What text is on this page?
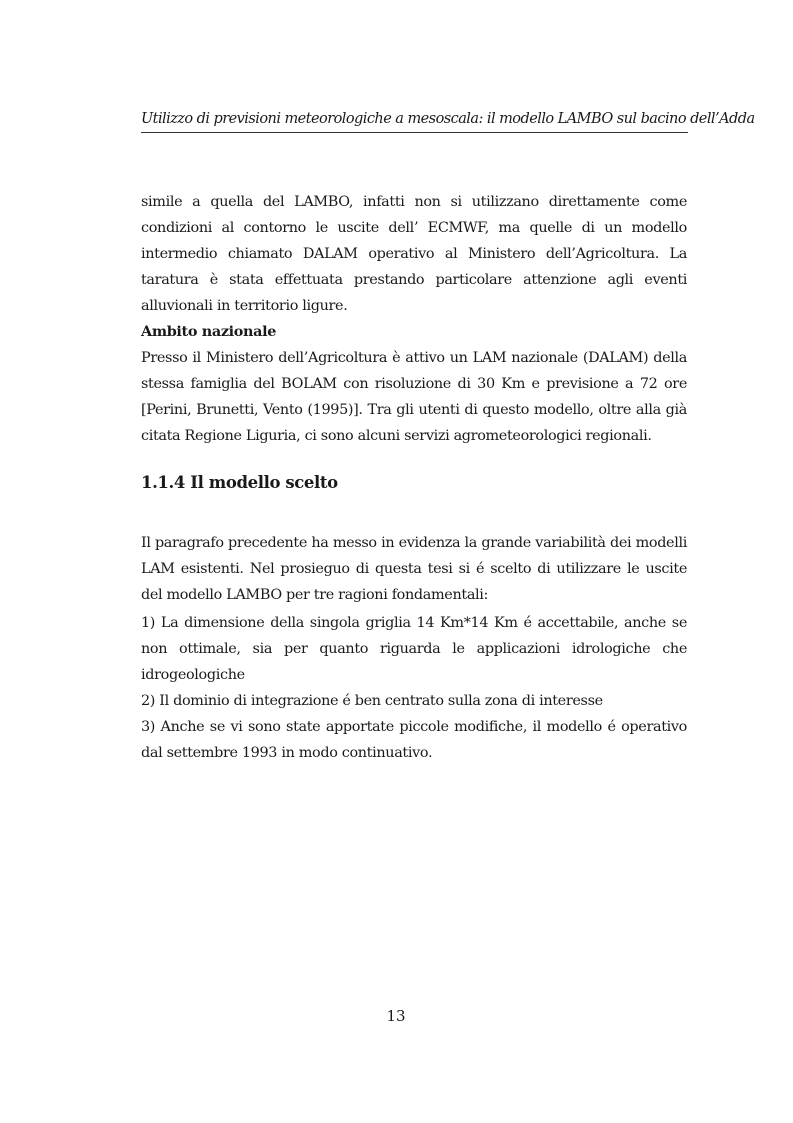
Utilizzo di previsioni meteorologiche a mesoscala: il modello LAMBO sul bacino dell’Adda

simile a quella del LAMBO, infatti non si utilizzano direttamente come condizioni al contorno le uscite dell’ ECMWF, ma quelle di un modello intermedio chiamato DALAM operativo al Ministero dell’Agricoltura. La taratura è stata effettuata prestando particolare attenzione agli eventi alluvionali in territorio ligure.

Ambito nazionale

Presso il Ministero dell’Agricoltura è attivo un LAM nazionale (DALAM) della stessa famiglia del BOLAM con risoluzione di 30 Km e previsione a 72 ore [Perini, Brunetti, Vento (1995)]. Tra gli utenti di questo modello, oltre alla già citata Regione Liguria, ci sono alcuni servizi agrometeorologici regionali.

1.1.4 Il modello scelto

Il paragrafo precedente ha messo in evidenza la grande variabilità dei modelli LAM esistenti. Nel prosieguo di questa tesi si é scelto di utilizzare le uscite del modello LAMBO per tre ragioni fondamentali:

1) La dimensione della singola griglia 14 Km*14 Km é accettabile, anche se non ottimale, sia per quanto riguarda le applicazioni idrologiche che idrogeologiche

2) Il dominio di integrazione é ben centrato sulla zona di interesse

3) Anche se vi sono state apportate piccole modifiche, il modello é operativo dal settembre 1993 in modo continuativo.

13
